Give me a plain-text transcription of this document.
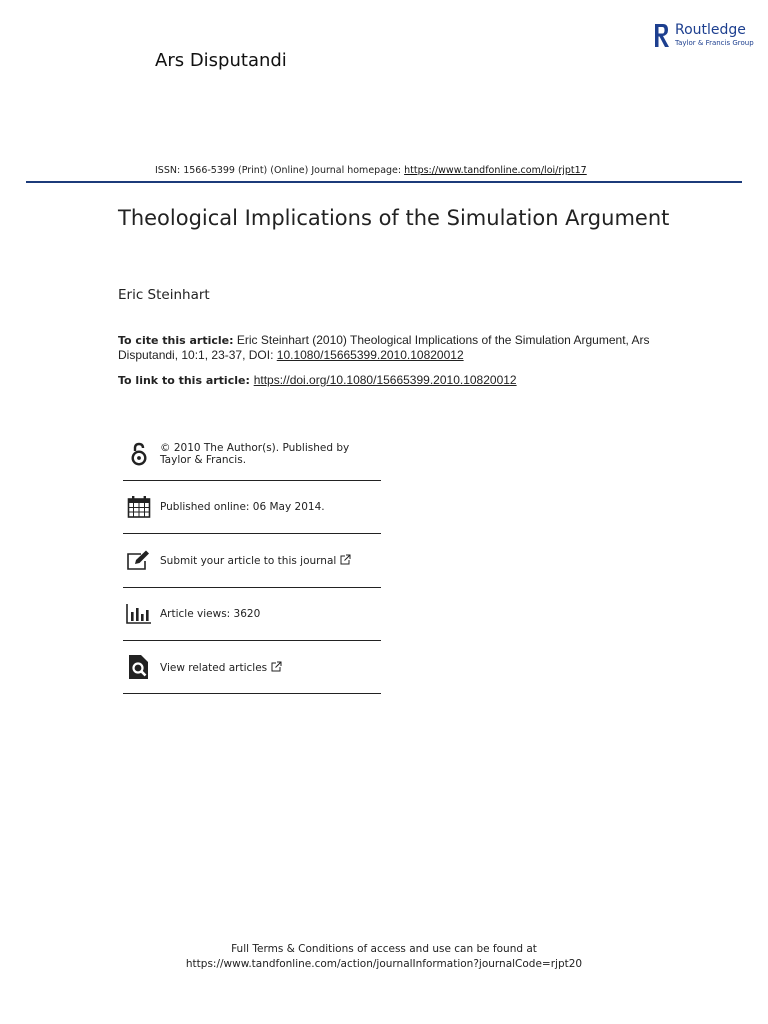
Ars Disputandi
Routledge
Taylor & Francis Group
ISSN: 1566-5399 (Print) (Online) Journal homepage: https://www.tandfonline.com/loi/rjpt17
Theological Implications of the Simulation Argument
Eric Steinhart
To cite this article: Eric Steinhart (2010) Theological Implications of the Simulation Argument, Ars Disputandi, 10:1, 23-37, DOI: 10.1080/15665399.2010.10820012
To link to this article: https://doi.org/10.1080/15665399.2010.10820012
© 2010 The Author(s). Published by Taylor & Francis.
Published online: 06 May 2014.
Submit your article to this journal
Article views: 3620
View related articles
Full Terms & Conditions of access and use can be found at
https://www.tandfonline.com/action/journalInformation?journalCode=rjpt20
